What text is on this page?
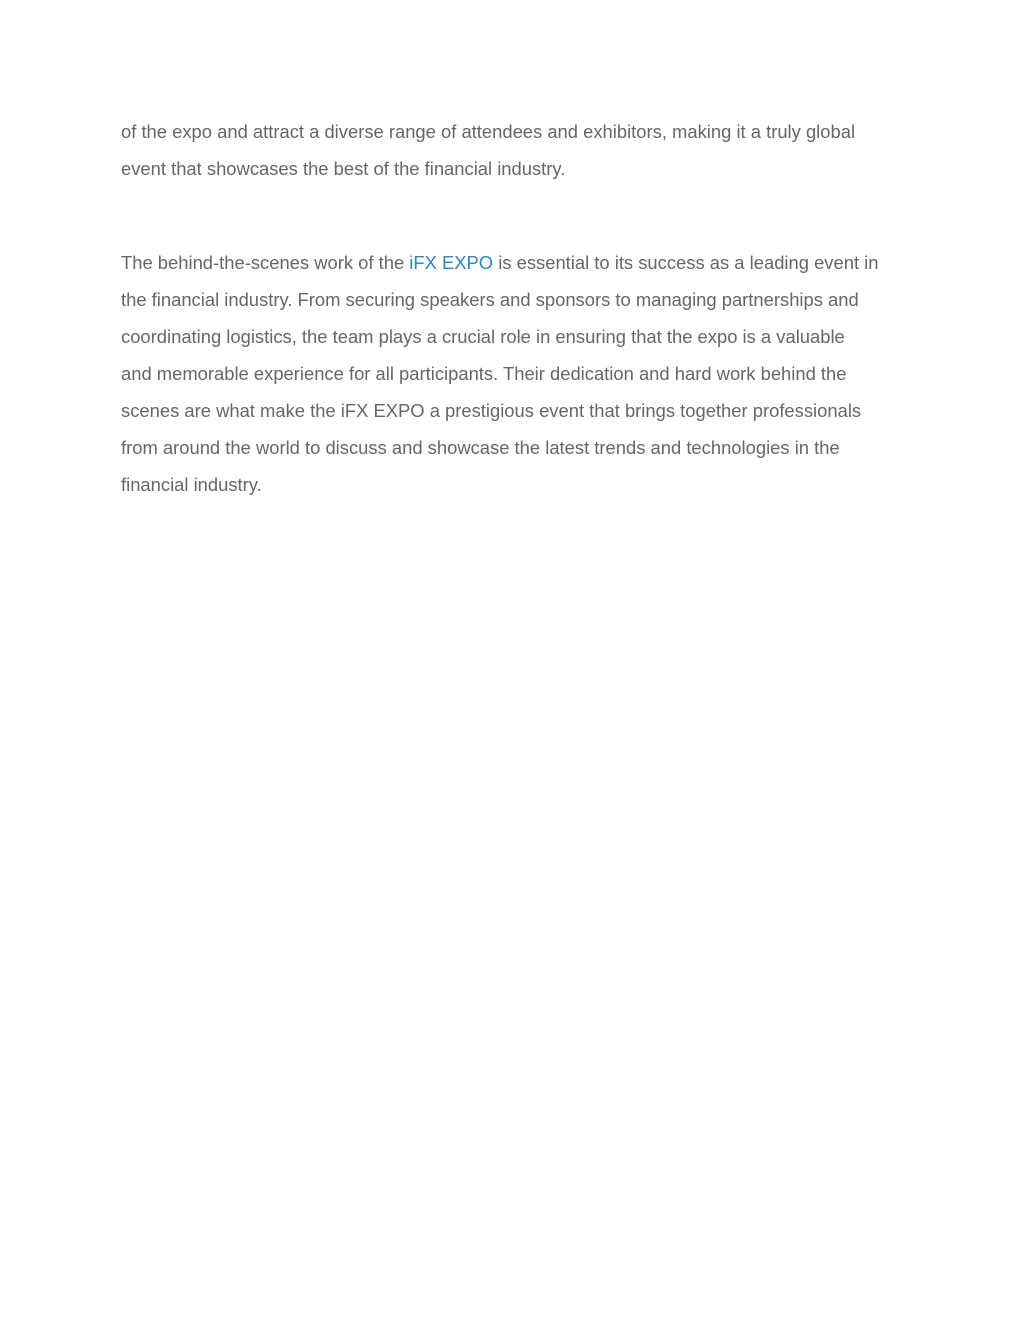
of the expo and attract a diverse range of attendees and exhibitors, making it a truly global
event that showcases the best of the financial industry.

The behind-the-scenes work of the iFX EXPO is essential to its success as a leading event in
the financial industry. From securing speakers and sponsors to managing partnerships and
coordinating logistics, the team plays a crucial role in ensuring that the expo is a valuable
and memorable experience for all participants. Their dedication and hard work behind the
scenes are what make the iFX EXPO a prestigious event that brings together professionals
from around the world to discuss and showcase the latest trends and technologies in the
financial industry.
